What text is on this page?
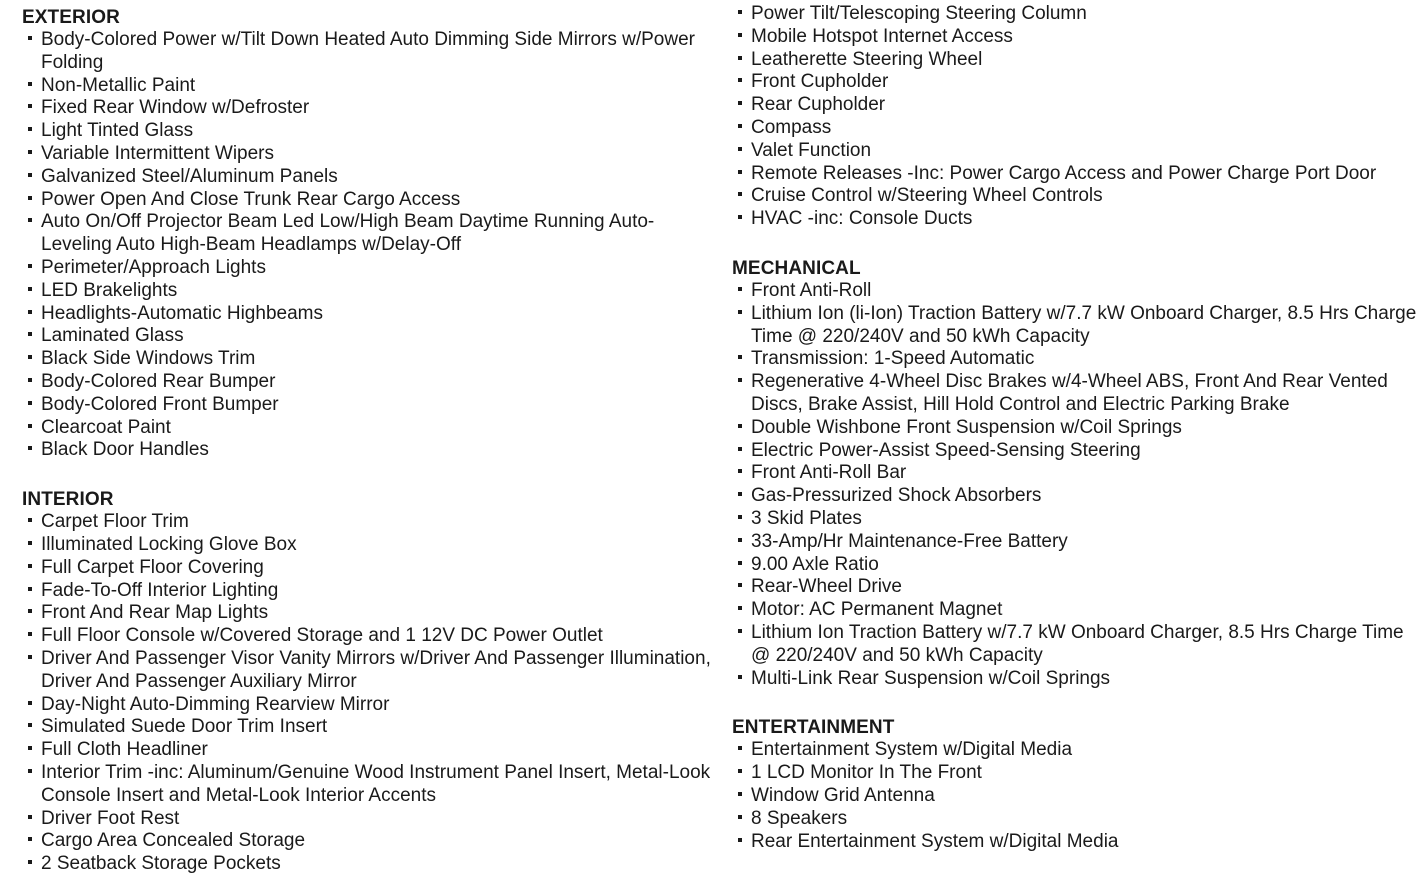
EXTERIOR
Body-Colored Power w/Tilt Down Heated Auto Dimming Side Mirrors w/Power Folding
Non-Metallic Paint
Fixed Rear Window w/Defroster
Light Tinted Glass
Variable Intermittent Wipers
Galvanized Steel/Aluminum Panels
Power Open And Close Trunk Rear Cargo Access
Auto On/Off Projector Beam Led Low/High Beam Daytime Running Auto-Leveling Auto High-Beam Headlamps w/Delay-Off
Perimeter/Approach Lights
LED Brakelights
Headlights-Automatic Highbeams
Laminated Glass
Black Side Windows Trim
Body-Colored Rear Bumper
Body-Colored Front Bumper
Clearcoat Paint
Black Door Handles
INTERIOR
Carpet Floor Trim
Illuminated Locking Glove Box
Full Carpet Floor Covering
Fade-To-Off Interior Lighting
Front And Rear Map Lights
Full Floor Console w/Covered Storage and 1 12V DC Power Outlet
Driver And Passenger Visor Vanity Mirrors w/Driver And Passenger Illumination, Driver And Passenger Auxiliary Mirror
Day-Night Auto-Dimming Rearview Mirror
Simulated Suede Door Trim Insert
Full Cloth Headliner
Interior Trim -inc: Aluminum/Genuine Wood Instrument Panel Insert, Metal-Look Console Insert and Metal-Look Interior Accents
Driver Foot Rest
Cargo Area Concealed Storage
2 Seatback Storage Pockets
Power Tilt/Telescoping Steering Column
Mobile Hotspot Internet Access
Leatherette Steering Wheel
Front Cupholder
Rear Cupholder
Compass
Valet Function
Remote Releases -Inc: Power Cargo Access and Power Charge Port Door
Cruise Control w/Steering Wheel Controls
HVAC -inc: Console Ducts
MECHANICAL
Front Anti-Roll
Lithium Ion (li-Ion) Traction Battery w/7.7 kW Onboard Charger, 8.5 Hrs Charge Time @ 220/240V and 50 kWh Capacity
Transmission: 1-Speed Automatic
Regenerative 4-Wheel Disc Brakes w/4-Wheel ABS, Front And Rear Vented Discs, Brake Assist, Hill Hold Control and Electric Parking Brake
Double Wishbone Front Suspension w/Coil Springs
Electric Power-Assist Speed-Sensing Steering
Front Anti-Roll Bar
Gas-Pressurized Shock Absorbers
3 Skid Plates
33-Amp/Hr Maintenance-Free Battery
9.00 Axle Ratio
Rear-Wheel Drive
Motor: AC Permanent Magnet
Lithium Ion Traction Battery w/7.7 kW Onboard Charger, 8.5 Hrs Charge Time @ 220/240V and 50 kWh Capacity
Multi-Link Rear Suspension w/Coil Springs
ENTERTAINMENT
Entertainment System w/Digital Media
1 LCD Monitor In The Front
Window Grid Antenna
8 Speakers
Rear Entertainment System w/Digital Media
